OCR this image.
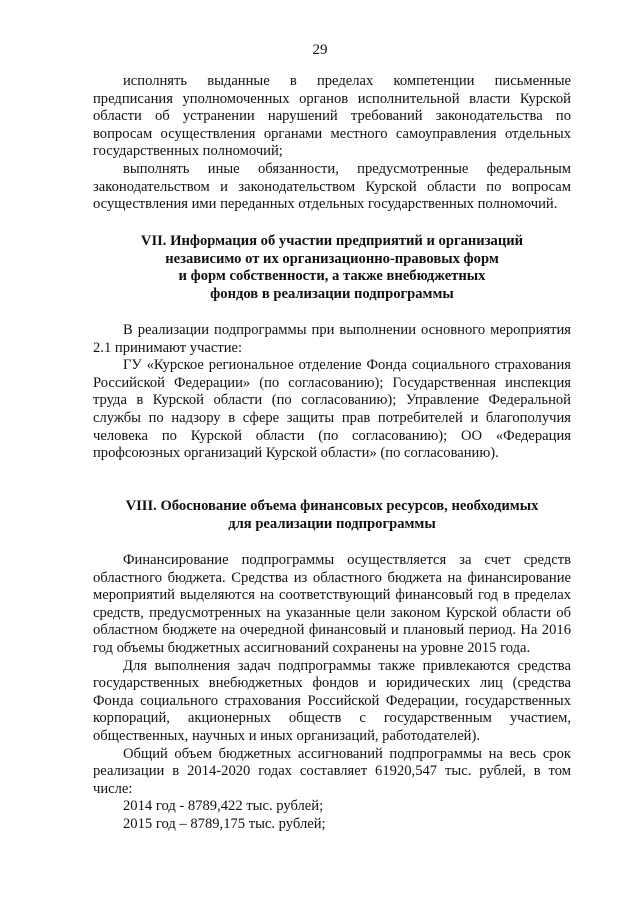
29

исполнять выданные в пределах компетенции письменные предписания уполномоченных органов исполнительной власти Курской области об устранении нарушений требований законодательства по вопросам осуществления органами местного самоуправления отдельных государственных полномочий;

выполнять иные обязанности, предусмотренные федеральным законодательством и законодательством Курской области по вопросам осуществления ими переданных отдельных государственных полномочий.

VII. Информация об участии предприятий и организаций
независимо от их организационно-правовых форм
и форм собственности, а также внебюджетных
фондов в реализации подпрограммы

В реализации подпрограммы при выполнении основного мероприятия 2.1 принимают участие:

ГУ «Курское региональное отделение Фонда социального страхования Российской Федерации» (по согласованию); Государственная инспекция труда в Курской области (по согласованию); Управление Федеральной службы по надзору в сфере защиты прав потребителей и благополучия человека по Курской области (по согласованию); ОО «Федерация профсоюзных организаций Курской области» (по согласованию).

VIII. Обоснование объема финансовых ресурсов, необходимых
для реализации подпрограммы

Финансирование подпрограммы осуществляется за счет средств областного бюджета. Средства из областного бюджета на финансирование мероприятий выделяются на соответствующий финансовый год в пределах средств, предусмотренных на указанные цели законом Курской области об областном бюджете на очередной финансовый и плановый период. На 2016 год объемы бюджетных ассигнований сохранены на уровне 2015 года.

Для выполнения задач подпрограммы также привлекаются средства государственных внебюджетных фондов и юридических лиц (средства Фонда социального страхования Российской Федерации, государственных корпораций, акционерных обществ с государственным участием, общественных, научных и иных организаций, работодателей).

Общий объем бюджетных ассигнований подпрограммы на весь срок реализации в 2014-2020 годах составляет 61920,547 тыс. рублей, в том числе:

2014 год - 8789,422 тыс. рублей;

2015 год – 8789,175 тыс. рублей;
